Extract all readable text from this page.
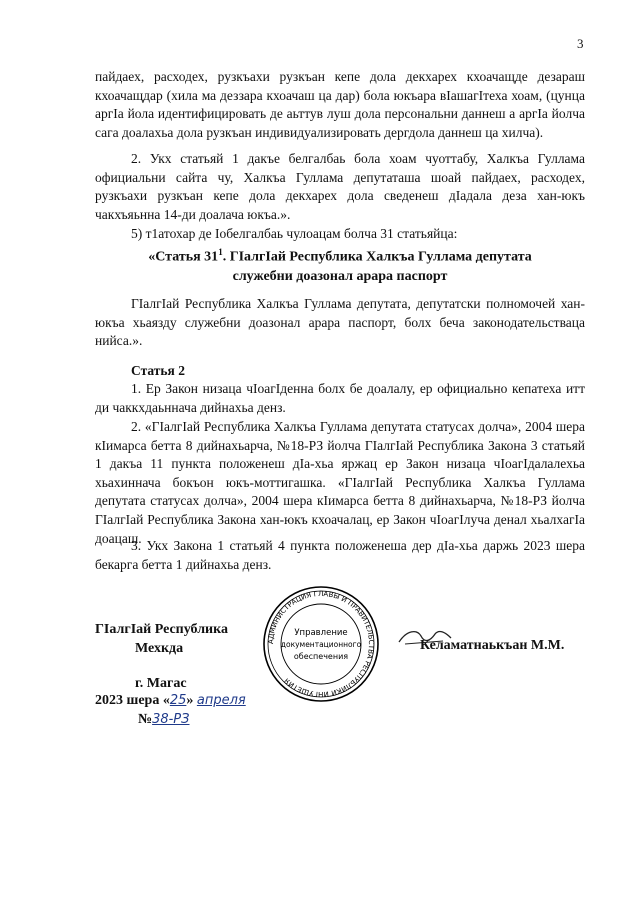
3

пайдаех, расходех, рузкъахи рузкъан кепе дола декхарех кхоачащде дезараш кхоачащдар (хила ма деззара кхоачаш ца дар) бола юкъара вIашагIтеха хоам, (цунца аргIа йола идентифицировать де аьттув луш дола персональни даннеш а аргIа йолча сага доалахьа дола рузкъан индивидуализировать дергдола даннеш ца хилча).

2. Укх статьяй 1 дакъе белгалбаь бола хоам чуоттабу, Халкъа Гуллама официальни сайта чу, Халкъа Гуллама депутаташа шоай пайдаех, расходех, рузкъахи рузкъан кепе дола декхарех дола сведенеш дIадала деза хан-юкъ чакхъяьнна 14-ди доалача юкъа.».

5) т1атохар де Iобелгалбаь чулоацам болча 31 статьяйца:

«Статья $31^1$. ГIалгIай Республика Халкъа Гуллама депутата
служебни доазонал арара паспорт

ГIалгIай Республика Халкъа Гуллама депутата, депутатски полномочей хан-юкъа хьаязду служебни доазонал арара паспорт, болх беча законодательстваца нийса.».

Статья 2

1. Ер Закон низаца чIоагIденна болх бе доалалу, ер официально кепатеха итт ди чаккхдаьннача дийнахьа денз.

2. «ГIалгIай Республика Халкъа Гуллама депутата статусах долча», 2004 шера кIимарса бетта 8 дийнахьарча, №18-РЗ йолча ГIалгIай Республика Закона 3 статьяй 1 дакъа 11 пункта положенеш дIа-хьа яржац ер Закон низаца чIоагIдалалехьа хьахиннача бокъон юкъ-моттигашка. «ГIалгIай Республика Халкъа Гуллама депутата статусах долча», 2004 шера кIимарса бетта 8 дийнахьарча, №18-РЗ йолча ГIалгIай Республика Закона хан-юкъ кхоачалац, ер Закон чIоагIлуча денал хьалхагIа доацаш.

3. Укх Закона 1 статьяй 4 пункта положенеша дер дIа-хьа даржь 2023 шера бекарга бетта 1 дийнахьа денз.

ГIалгIай Республика
Мехкда	АДМИНИСТРАЦИЯ ГЛАВЫ И ПРАВИТЕЛЬСТВА РЕСПУБЛИКИ ИНГУШЕТИЯ
Управление
документационного
обеспечения
Келаматнаькъан М.М.
г. Магас
2023 шера «25» апреля
№38-РЗ
